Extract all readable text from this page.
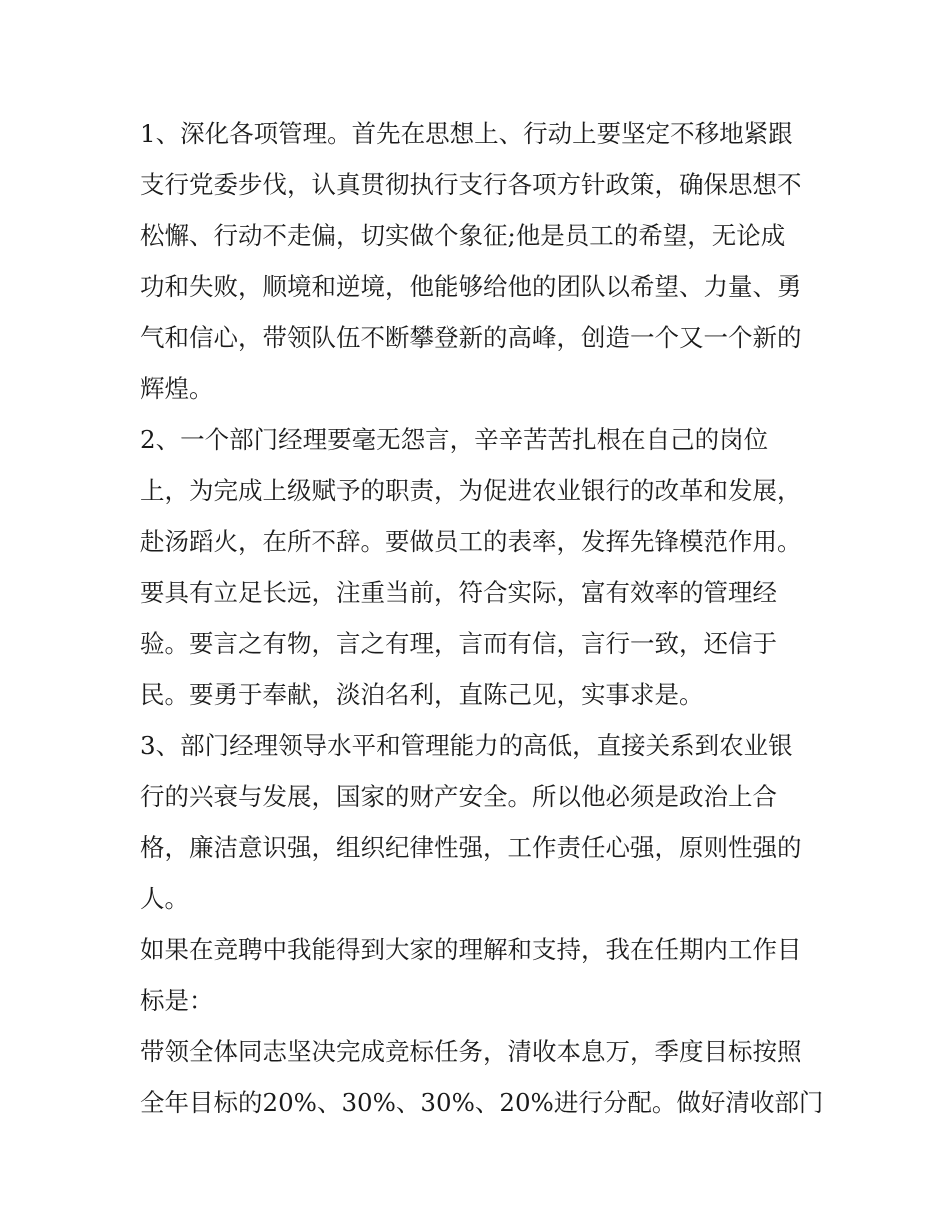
1、深化各项管理。首先在思想上、行动上要坚定不移地紧跟
支行党委步伐，认真贯彻执行支行各项方针政策，确保思想不
松懈、行动不走偏，切实做个象征;他是员工的希望，无论成
功和失败，顺境和逆境，他能够给他的团队以希望、力量、勇
气和信心，带领队伍不断攀登新的高峰，创造一个又一个新的
辉煌。
2、一个部门经理要毫无怨言，辛辛苦苦扎根在自己的岗位
上，为完成上级赋予的职责，为促进农业银行的改革和发展，
赴汤蹈火，在所不辞。要做员工的表率，发挥先锋模范作用。
要具有立足长远，注重当前，符合实际，富有效率的管理经
验。要言之有物，言之有理，言而有信，言行一致，还信于
民。要勇于奉献，淡泊名利，直陈己见，实事求是。
3、部门经理领导水平和管理能力的高低，直接关系到农业银
行的兴衰与发展，国家的财产安全。所以他必须是政治上合
格，廉洁意识强，组织纪律性强，工作责任心强，原则性强的
人。
如果在竞聘中我能得到大家的理解和支持，我在任期内工作目
标是：
带领全体同志坚决完成竞标任务，清收本息万，季度目标按照
全年目标的20%、30%、30%、20%进行分配。做好清收部门
